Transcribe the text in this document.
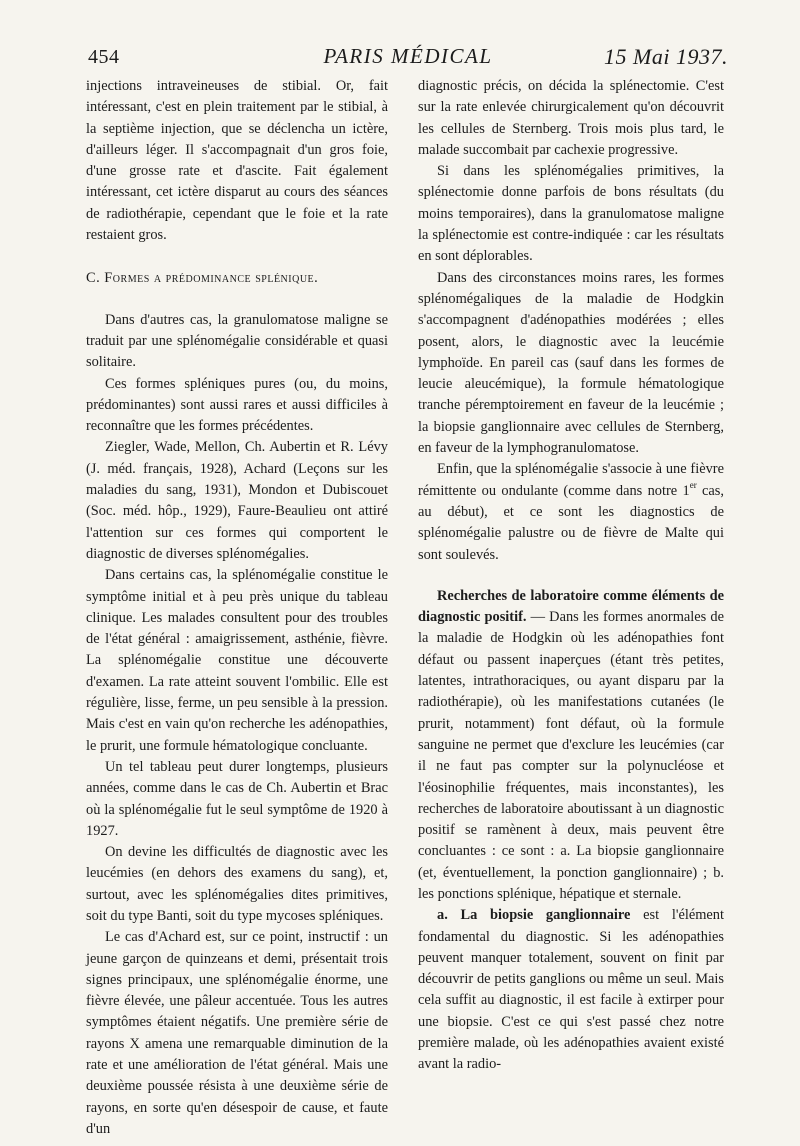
454	PARIS MÉDICAL	15 Mai 1937.

injections intraveineuses de stibial. Or, fait intéressant, c'est en plein traitement par le stibial, à la septième injection, que se déclencha un ictère, d'ailleurs léger. Il s'accompagnait d'un gros foie, d'une grosse rate et d'ascite. Fait également intéressant, cet ictère disparut au cours des séances de radiothérapie, cependant que le foie et la rate restaient gros.

C. Formes a prédominance splénique.

Dans d'autres cas, la granulomatose maligne se traduit par une splénomégalie considérable et quasi solitaire.

Ces formes spléniques pures (ou, du moins, prédominantes) sont aussi rares et aussi difficiles à reconnaître que les formes précédentes.

Ziegler, Wade, Mellon, Ch. Aubertin et R. Lévy (J. méd. français, 1928), Achard (Leçons sur les maladies du sang, 1931), Mondon et Dubiscouet (Soc. méd. hôp., 1929), Faure-Beaulieu ont attiré l'attention sur ces formes qui comportent le diagnostic de diverses splénomégalies.

Dans certains cas, la splénomégalie constitue le symptôme initial et à peu près unique du tableau clinique. Les malades consultent pour des troubles de l'état général : amaigrissement, asthénie, fièvre. La splénomégalie constitue une découverte d'examen. La rate atteint souvent l'ombilic. Elle est régulière, lisse, ferme, un peu sensible à la pression. Mais c'est en vain qu'on recherche les adénopathies, le prurit, une formule hématologique concluante.

Un tel tableau peut durer longtemps, plusieurs années, comme dans le cas de Ch. Aubertin et Brac où la splénomégalie fut le seul symptôme de 1920 à 1927.

On devine les difficultés de diagnostic avec les leucémies (en dehors des examens du sang), et, surtout, avec les splénomégalies dites primitives, soit du type Banti, soit du type mycoses spléniques.

Le cas d'Achard est, sur ce point, instructif : un jeune garçon de quinzeans et demi, présentait trois signes principaux, une splénomégalie énorme, une fièvre élevée, une pâleur accentuée. Tous les autres symptômes étaient négatifs. Une première série de rayons X amena une remarquable diminution de la rate et une amélioration de l'état général. Mais une deuxième poussée résista à une deuxième série de rayons, en sorte qu'en désespoir de cause, et faute d'un

diagnostic précis, on décida la splénectomie. C'est sur la rate enlevée chirurgicalement qu'on découvrit les cellules de Sternberg. Trois mois plus tard, le malade succombait par cachexie progressive.

Si dans les splénomégalies primitives, la splénectomie donne parfois de bons résultats (du moins temporaires), dans la granulomatose maligne la splénectomie est contre-indiquée : car les résultats en sont déplorables.

Dans des circonstances moins rares, les formes splénomégaliques de la maladie de Hodgkin s'accompagnent d'adénopathies modérées ; elles posent, alors, le diagnostic avec la leucémie lymphoïde. En pareil cas (sauf dans les formes de leucie aleucémique), la formule hématologique tranche péremptoirement en faveur de la leucémie ; la biopsie ganglionnaire avec cellules de Sternberg, en faveur de la lymphogranulomatose.

Enfin, que la splénomégalie s'associe à une fièvre rémittente ou ondulante (comme dans notre 1er cas, au début), et ce sont les diagnostics de splénomégalie palustre ou de fièvre de Malte qui sont soulevés.

Recherches de laboratoire comme éléments de diagnostic positif. — Dans les formes anormales de la maladie de Hodgkin où les adénopathies font défaut ou passent inaperçues (étant très petites, latentes, intrathoraciques, ou ayant disparu par la radiothérapie), où les manifestations cutanées (le prurit, notamment) font défaut, où la formule sanguine ne permet que d'exclure les leucémies (car il ne faut pas compter sur la polynucléose et l'éosinophilie fréquentes, mais inconstantes), les recherches de laboratoire aboutissant à un diagnostic positif se ramènent à deux, mais peuvent être concluantes : ce sont : a. La biopsie ganglionnaire (et, éventuellement, la ponction ganglionnaire) ; b. les ponctions splénique, hépatique et sternale.

a. La biopsie ganglionnaire est l'élément fondamental du diagnostic. Si les adénopathies peuvent manquer totalement, souvent on finit par découvrir de petits ganglions ou même un seul. Mais cela suffit au diagnostic, il est facile à extirper pour une biopsie. C'est ce qui s'est passé chez notre première malade, où les adénopathies avaient existé avant la radio-
